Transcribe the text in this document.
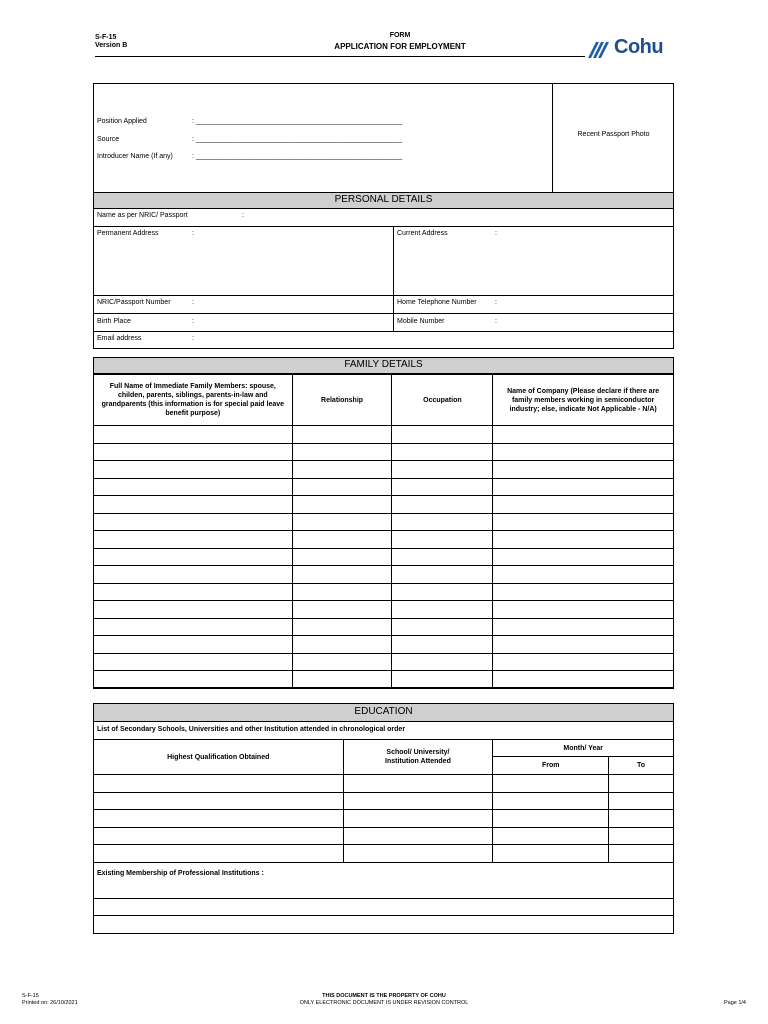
S-F-15
Version B
FORM
APPLICATION FOR EMPLOYMENT	Cohu
Position Applied	: _____________________________________________________
Source	: _____________________________________________________
Introducer Name (If any)	: _____________________________________________________
Recent Passport Photo
PERSONAL DETAILS
Name as per NRIC/ Passport	:
Permanent Address	:	Current Address	:
NRIC/Passport Number	:	Home Telephone Number	:
Birth Place	:	Mobile Number	:
Email address	:
FAMILY DETAILS
Full Name of Immediate Family Members: spouse, childen, parents, siblings, parents-in-law and grandparents (this information is for special paid leave benefit purpose)	Relationship	Occupation	Name of Company (Please declare if there are family members working in semiconductor industry; else, indicate Not Applicable - N/A)

EDUCATION
List of Secondary Schools, Universities and other Institution attended in chronological order
Highest Qualification Obtained	School/ University/ Institution Attended	Month/ Year	
		From	To

Existing Membership of Professional Institutions :
S-F-15
Printed on: 26/10/2021
THIS DOCUMENT IS THE PROPERTY OF COHU
ONLY ELECTRONIC DOCUMENT IS UNDER REVISION CONTROL	Page 1/4
